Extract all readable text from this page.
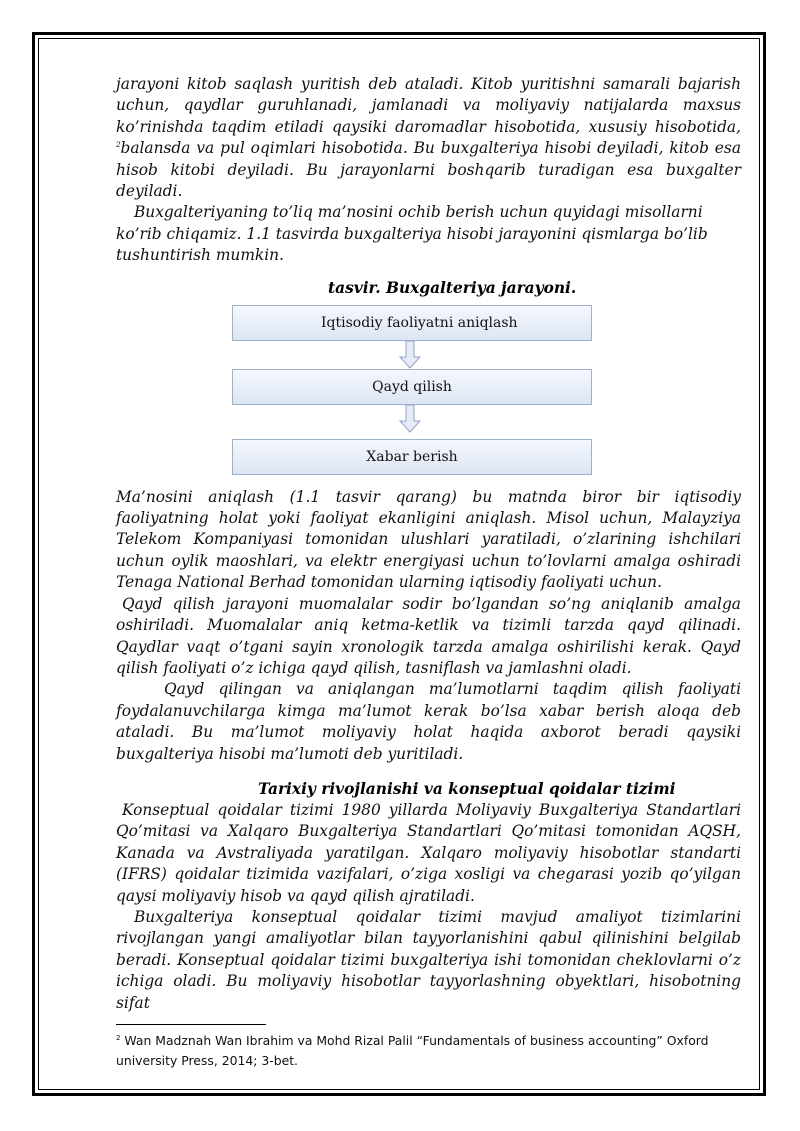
jarayoni kitob saqlash yuritish deb ataladi. Kitob yuritishni samarali bajarish uchun, qaydlar guruhlanadi, jamlanadi va moliyaviy natijalarda maxsus ko’rinishda taqdim etiladi qaysiki daromadlar hisobotida, xususiy hisobotida, $^2$balansda va pul oqimlari hisobotida. Bu buxgalteriya hisobi deyiladi, kitob esa hisob kitobi deyiladi. Bu jarayonlarni boshqarib turadigan esa buxgalter deyiladi.

Buxgalteriyaning to’liq ma’nosini ochib berish uchun quyidagi misollarni ko’rib chiqamiz. 1.1 tasvirda buxgalteriya hisobi jarayonini qismlarga bo’lib tushuntirish mumkin.

tasvir. Buxgalteriya jarayoni.
Iqtisodiy faoliyatni aniqlash
Qayd qilish
Xabar berish

Ma’nosini aniqlash (1.1 tasvir qarang) bu matnda biror bir iqtisodiy faoliyatning holat yoki faoliyat ekanligini aniqlash. Misol uchun, Malayziya Telekom Kompaniyasi tomonidan ulushlari yaratiladi, o’zlarining ishchilari uchun oylik maoshlari, va elektr energiyasi uchun to’lovlarni amalga oshiradi Tenaga National Berhad tomonidan ularning iqtisodiy faoliyati uchun.

Qayd qilish jarayoni muomalalar sodir bo’lgandan so’ng aniqlanib amalga oshiriladi. Muomalalar aniq ketma-ketlik va tizimli tarzda qayd qilinadi. Qaydlar vaqt o’tgani sayin xronologik tarzda amalga oshirilishi kerak. Qayd qilish faoliyati o’z ichiga qayd qilish, tasniflash va jamlashni oladi.

Qayd qilingan va aniqlangan ma’lumotlarni taqdim qilish faoliyati foydalanuvchilarga kimga ma’lumot kerak bo’lsa xabar berish aloqa deb ataladi. Bu ma’lumot moliyaviy holat haqida axborot beradi qaysiki buxgalteriya hisobi ma’lumoti deb yuritiladi.

Tarixiy rivojlanishi va konseptual qoidalar tizimi

Konseptual qoidalar tizimi 1980 yillarda Moliyaviy Buxgalteriya Standartlari Qo’mitasi va Xalqaro Buxgalteriya Standartlari Qo’mitasi tomonidan AQSH, Kanada va Avstraliyada yaratilgan. Xalqaro moliyaviy hisobotlar standarti (IFRS) qoidalar tizimida vazifalari, o’ziga xosligi va chegarasi yozib qo’yilgan qaysi moliyaviy hisob va qayd qilish ajratiladi.

Buxgalteriya konseptual qoidalar tizimi mavjud amaliyot tizimlarini rivojlangan yangi amaliyotlar bilan tayyorlanishini qabul qilinishini belgilab beradi. Konseptual qoidalar tizimi buxgalteriya ishi tomonidan cheklovlarni o’z ichiga oladi. Bu moliyaviy hisobotlar tayyorlashning obyektlari, hisobotning sifat

$^2$ Wan Madznah Wan Ibrahim va Mohd Rizal Palil “Fundamentals of business accounting” Oxford university Press, 2014; 3-bet.
